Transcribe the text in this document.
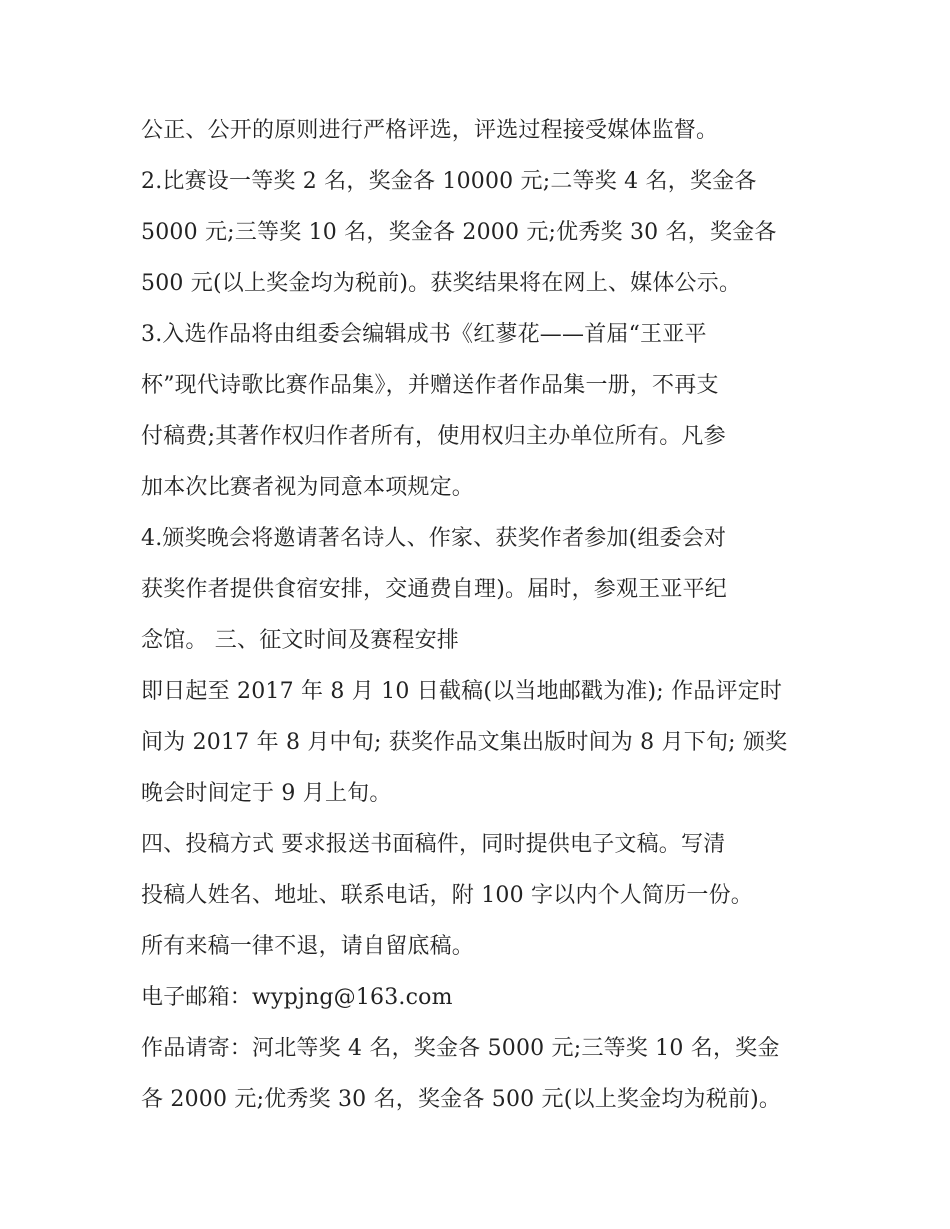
公正、公开的原则进行严格评选，评选过程接受媒体监督。
2.比赛设一等奖 2 名，奖金各 10000 元;二等奖 4 名，奖金各
5000 元;三等奖 10 名，奖金各 2000 元;优秀奖 30 名，奖金各
500 元(以上奖金均为税前)。获奖结果将在网上、媒体公示。
3.入选作品将由组委会编辑成书《红蓼花——首届“王亚平
杯”现代诗歌比赛作品集》，并赠送作者作品集一册，不再支
付稿费;其著作权归作者所有，使用权归主办单位所有。凡参
加本次比赛者视为同意本项规定。
4.颁奖晚会将邀请著名诗人、作家、获奖作者参加(组委会对
获奖作者提供食宿安排，交通费自理)。届时，参观王亚平纪
念馆。 三、征文时间及赛程安排
即日起至 2017 年 8 月 10 日截稿(以当地邮戳为准); 作品评定时
间为 2017 年 8 月中旬; 获奖作品文集出版时间为 8 月下旬; 颁奖
晚会时间定于 9 月上旬。
四、投稿方式 要求报送书面稿件，同时提供电子文稿。写清
投稿人姓名、地址、联系电话，附 100 字以内个人简历一份。
所有来稿一律不退，请自留底稿。
电子邮箱：wypjng@163.com
作品请寄：河北等奖 4 名，奖金各 5000 元;三等奖 10 名，奖金
各 2000 元;优秀奖 30 名，奖金各 500 元(以上奖金均为税前)。
